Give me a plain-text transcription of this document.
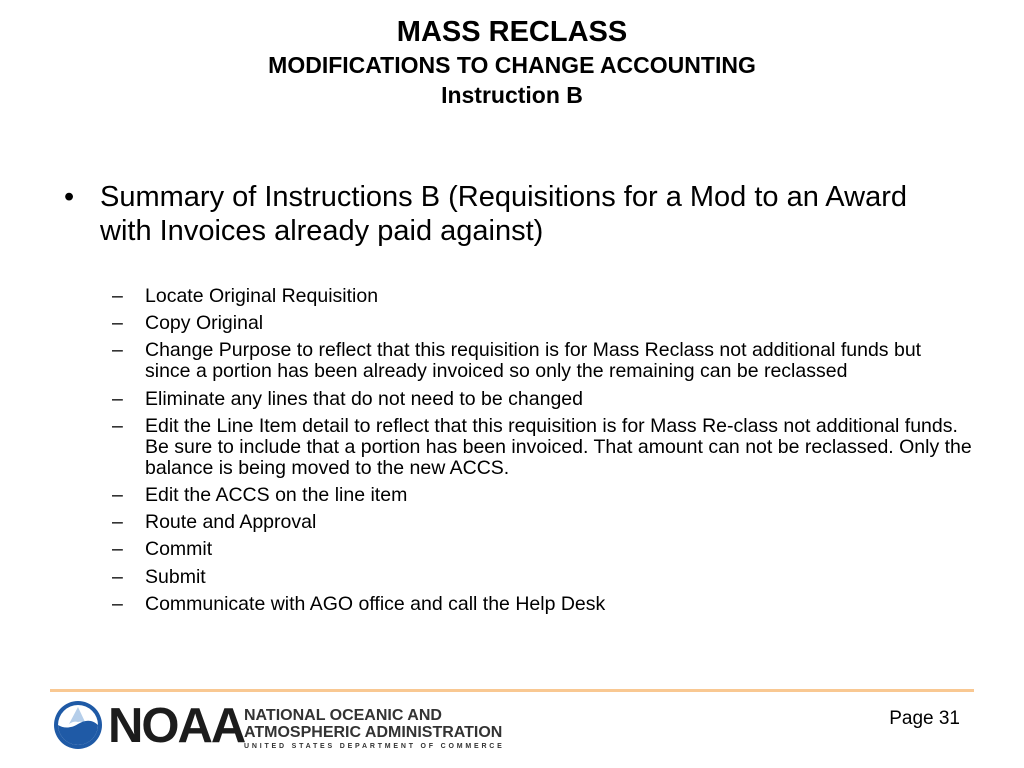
MASS RECLASS
MODIFICATIONS TO CHANGE ACCOUNTING
Instruction B
• Summary of Instructions B (Requisitions for a Mod to an Award with Invoices already paid against)
– Locate Original Requisition
– Copy Original
– Change Purpose to reflect that this requisition is for Mass Reclass not additional funds but since a portion has been already invoiced so only the remaining can be reclassed
– Eliminate any lines that do not need to be changed
– Edit the Line Item detail to reflect that this requisition is for Mass Re-class not additional funds. Be sure to include that a portion has been invoiced. That amount can not be reclassed. Only the balance is being moved to the new ACCS.
– Edit the ACCS on the line item
– Route and Approval
– Commit
– Submit
– Communicate with AGO office and call the Help Desk
NOAA NATIONAL OCEANIC AND
ATMOSPHERIC ADMINISTRATION
UNITED STATES DEPARTMENT OF COMMERCE
Page 31
